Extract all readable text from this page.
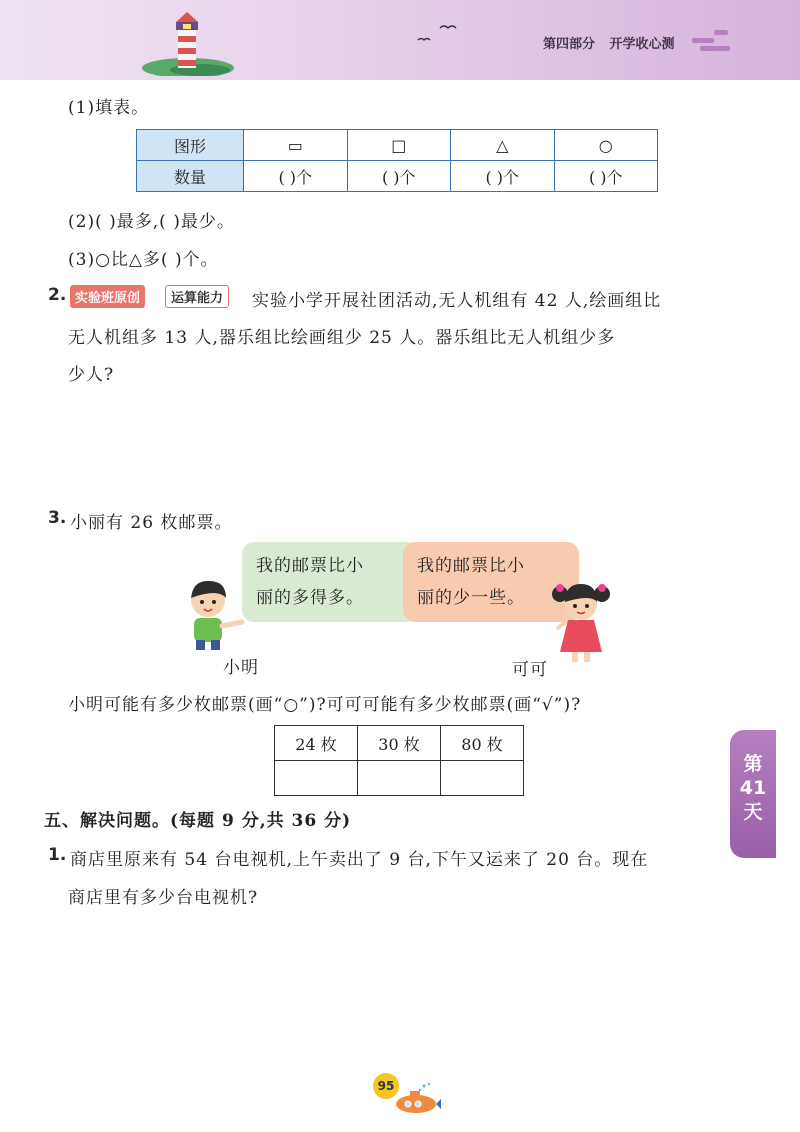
第四部分 开学收心测
(1)填表。
图形	▭	□	△	○
数量	( )个	( )个	( )个	( )个
(2)( )最多,( )最少。
(3)○比△多( )个。
2. 实验班原创	运算能力	实验小学开展社团活动,无人机组有 42 人,绘画组比
无人机组多 13 人,器乐组比绘画组少 25 人。器乐组比无人机组少多
少人?
3. 小丽有 26 枚邮票。
我的邮票比小
丽的多得多。
我的邮票比小
丽的少一些。
小明	可可
小明可能有多少枚邮票(画“○”)?可可可能有多少枚邮票(画“√”)?
24 枚	30 枚	80 枚

五、解决问题。(每题 9 分,共 36 分)
1. 商店里原来有 54 台电视机,上午卖出了 9 台,下午又运来了 20 台。现在
商店里有多少台电视机?
第
41
天
95
